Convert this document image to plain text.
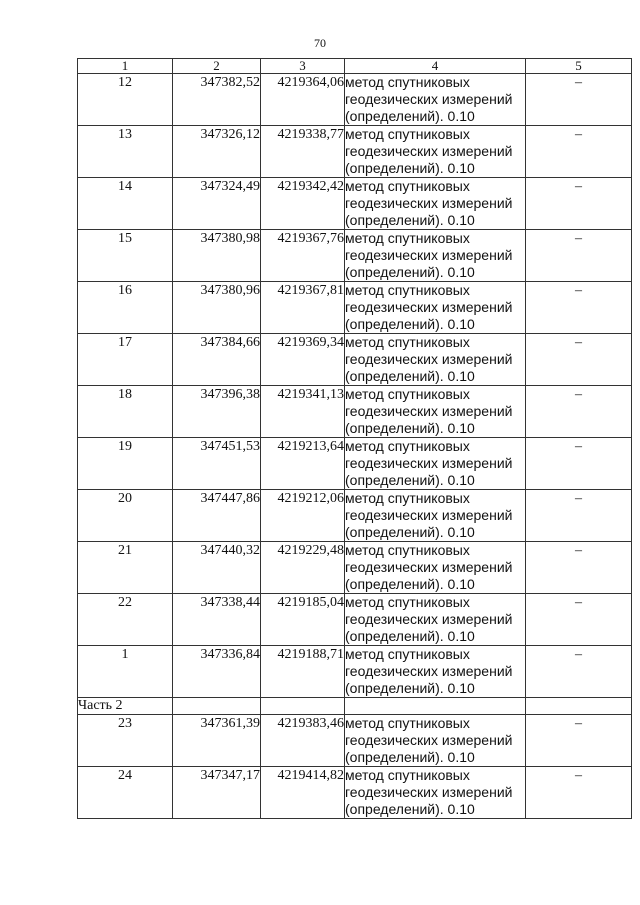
70
1	2	3	4	5
12	347382,52	4219364,06	метод спутниковых геодезических измерений (определений). 0.10	–
13	347326,12	4219338,77	метод спутниковых геодезических измерений (определений). 0.10	–
14	347324,49	4219342,42	метод спутниковых геодезических измерений (определений). 0.10	–
15	347380,98	4219367,76	метод спутниковых геодезических измерений (определений). 0.10	–
16	347380,96	4219367,81	метод спутниковых геодезических измерений (определений). 0.10	–
17	347384,66	4219369,34	метод спутниковых геодезических измерений (определений). 0.10	–
18	347396,38	4219341,13	метод спутниковых геодезических измерений (определений). 0.10	–
19	347451,53	4219213,64	метод спутниковых геодезических измерений (определений). 0.10	–
20	347447,86	4219212,06	метод спутниковых геодезических измерений (определений). 0.10	–
21	347440,32	4219229,48	метод спутниковых геодезических измерений (определений). 0.10	–
22	347338,44	4219185,04	метод спутниковых геодезических измерений (определений). 0.10	–
1	347336,84	4219188,71	метод спутниковых геодезических измерений (определений). 0.10	–
Часть 2				
23	347361,39	4219383,46	метод спутниковых геодезических измерений (определений). 0.10	–
24	347347,17	4219414,82	метод спутниковых геодезических измерений (определений). 0.10	–
